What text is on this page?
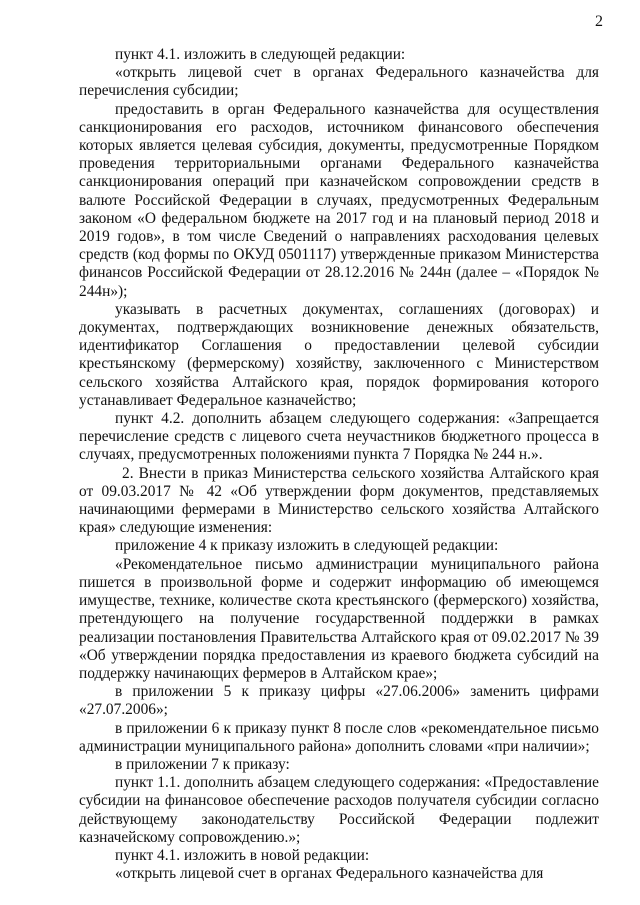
2

пункт 4.1. изложить в следующей редакции:

«открыть лицевой счет в органах Федерального казначейства для перечисления субсидии;

предоставить в орган Федерального казначейства для осуществления санкционирования его расходов, источником финансового обеспечения которых является целевая субсидия, документы, предусмотренные Порядком проведения территориальными органами Федерального казначейства санкционирования операций при казначейском сопровождении средств в валюте Российской Федерации в случаях, предусмотренных Федеральным законом «О федеральном бюджете на 2017 год и на плановый период 2018 и 2019 годов», в том числе Сведений о направлениях расходования целевых средств (код формы по ОКУД 0501117) утвержденные приказом Министерства финансов Российской Федерации от 28.12.2016 № 244н (далее – «Порядок № 244н»);

указывать в расчетных документах, соглашениях (договорах) и документах, подтверждающих возникновение денежных обязательств, идентификатор Соглашения о предоставлении целевой субсидии крестьянскому (фермерскому) хозяйству, заключенного с Министерством сельского хозяйства Алтайского края, порядок формирования которого устанавливает Федеральное казначейство;

пункт 4.2. дополнить абзацем следующего содержания: «Запрещается перечисление средств с лицевого счета неучастников бюджетного процесса в случаях, предусмотренных положениями пункта 7 Порядка № 244 н.».

2. Внести в приказ Министерства сельского хозяйства Алтайского края от 09.03.2017 № 42 «Об утверждении форм документов, представляемых начинающими фермерами в Министерство сельского хозяйства Алтайского края» следующие изменения:

приложение 4 к приказу изложить в следующей редакции:

«Рекомендательное письмо администрации муниципального района пишется в произвольной форме и содержит информацию об имеющемся имуществе, технике, количестве скота крестьянского (фермерского) хозяйства, претендующего на получение государственной поддержки в рамках реализации постановления Правительства Алтайского края от 09.02.2017 № 39 «Об утверждении порядка предоставления из краевого бюджета субсидий на поддержку начинающих фермеров в Алтайском крае»;

в приложении 5 к приказу цифры «27.06.2006» заменить цифрами «27.07.2006»;

в приложении 6 к приказу пункт 8 после слов «рекомендательное письмо администрации муниципального района» дополнить словами «при наличии»;

в приложении 7 к приказу:

пункт 1.1. дополнить абзацем следующего содержания: «Предоставление субсидии на финансовое обеспечение расходов получателя субсидии согласно действующему законодательству Российской Федерации подлежит казначейскому сопровождению.»;

пункт 4.1. изложить в новой редакции:

«открыть лицевой счет в органах Федерального казначейства для
